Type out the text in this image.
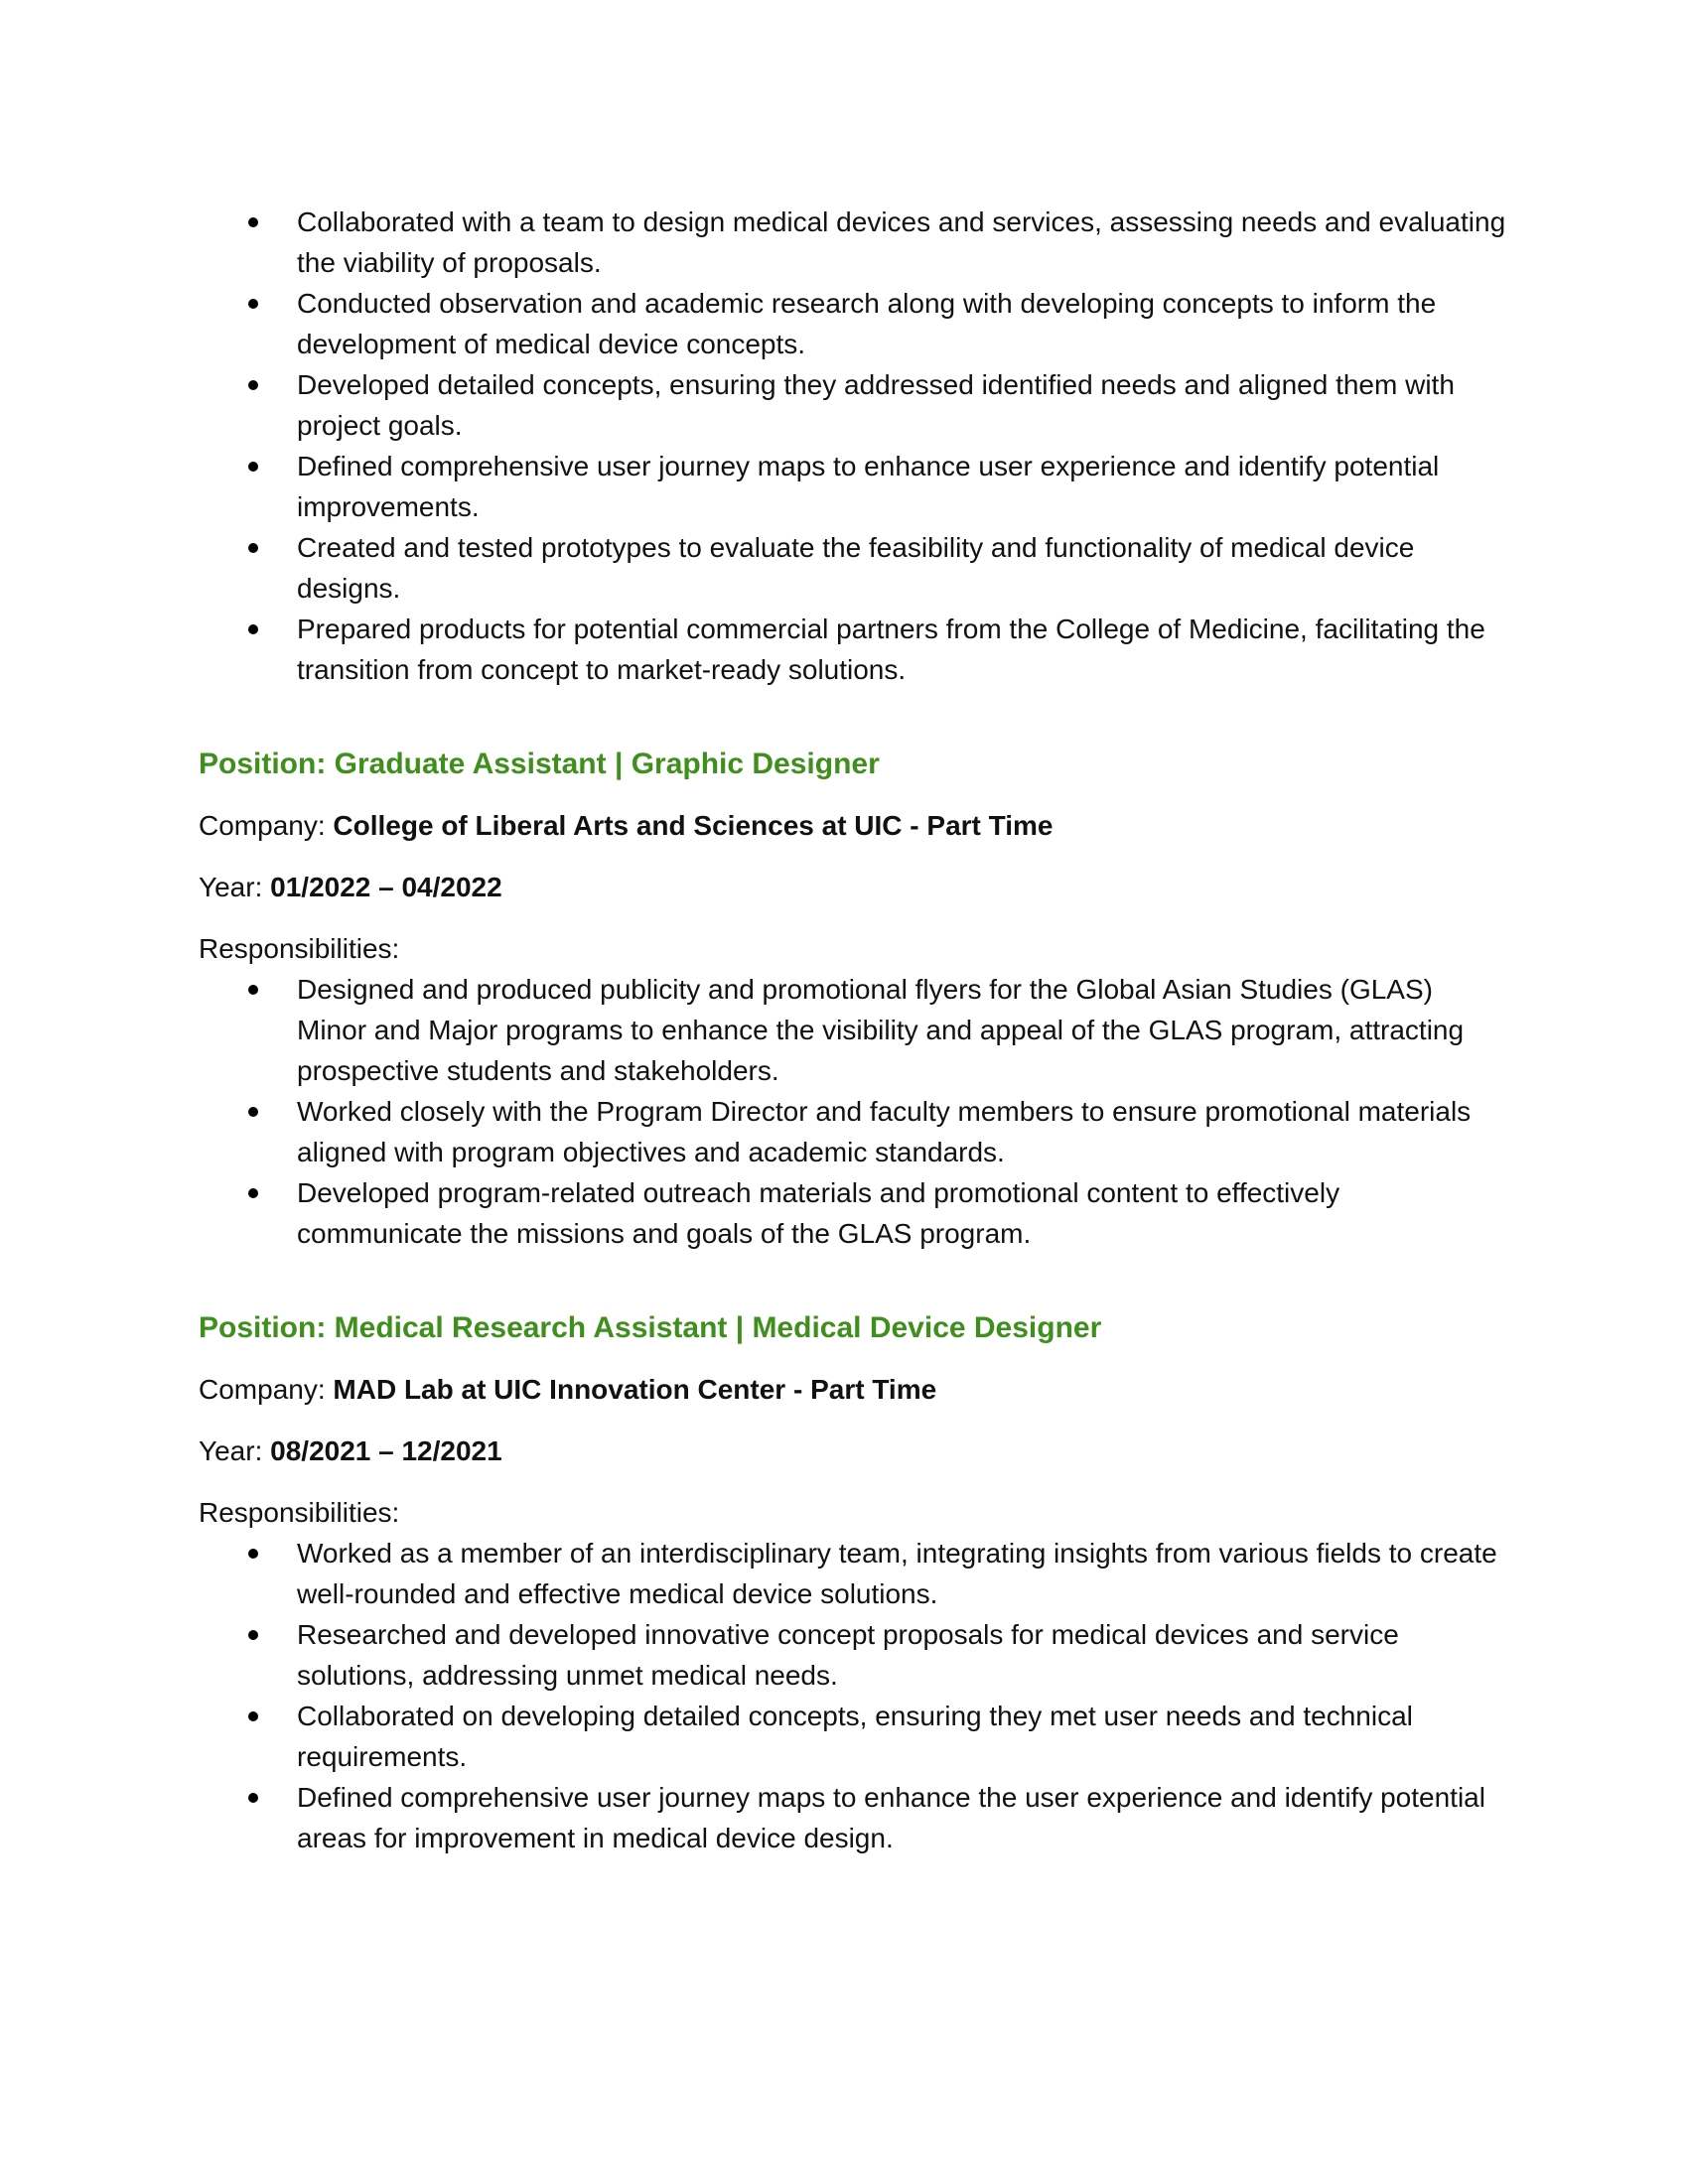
Collaborated with a team to design medical devices and services, assessing needs and evaluating the viability of proposals.
Conducted observation and academic research along with developing concepts to inform the development of medical device concepts.
Developed detailed concepts, ensuring they addressed identified needs and aligned them with project goals.
Defined comprehensive user journey maps to enhance user experience and identify potential improvements.
Created and tested prototypes to evaluate the feasibility and functionality of medical device designs.
Prepared products for potential commercial partners from the College of Medicine, facilitating the transition from concept to market-ready solutions.
Position: Graduate Assistant | Graphic Designer

Company: College of Liberal Arts and Sciences at UIC - Part Time

Year: 01/2022 – 04/2022

Responsibilities:

Designed and produced publicity and promotional flyers for the Global Asian Studies (GLAS) Minor and Major programs to enhance the visibility and appeal of the GLAS program, attracting prospective students and stakeholders.
Worked closely with the Program Director and faculty members to ensure promotional materials aligned with program objectives and academic standards.
Developed program-related outreach materials and promotional content to effectively communicate the missions and goals of the GLAS program.
Position: Medical Research Assistant | Medical Device Designer

Company: MAD Lab at UIC Innovation Center - Part Time

Year: 08/2021 – 12/2021

Responsibilities:

Worked as a member of an interdisciplinary team, integrating insights from various fields to create well-rounded and effective medical device solutions.
Researched and developed innovative concept proposals for medical devices and service solutions, addressing unmet medical needs.
Collaborated on developing detailed concepts, ensuring they met user needs and technical requirements.
Defined comprehensive user journey maps to enhance the user experience and identify potential areas for improvement in medical device design.
